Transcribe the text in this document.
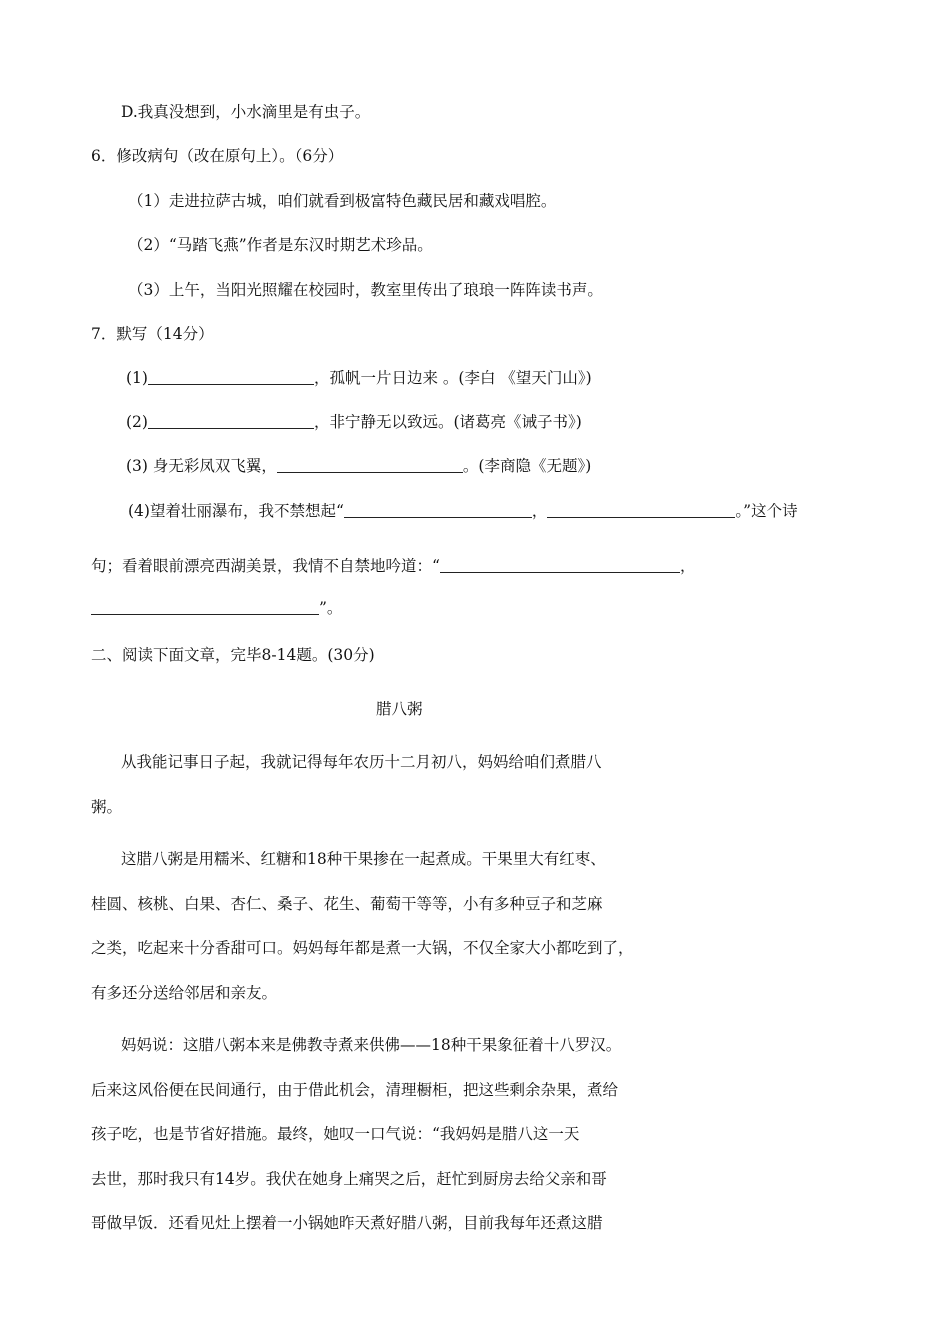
D.我真没想到，小水滴里是有虫子。
6．修改病句（改在原句上）。（6分）
（1）走进拉萨古城，咱们就看到极富特色藏民居和藏戏唱腔。
（2）“马踏飞燕”作者是东汉时期艺术珍品。
（3）上午，当阳光照耀在校园时，教室里传出了琅琅一阵阵读书声。
7．默写（14分）
(1)	，孤帆一片日边来 。(李白 《望天门山》)
(2)	，非宁静无以致远。(诸葛亮《诫子书》)
(3) 身无彩凤双飞翼，	。(李商隐《无题》)
(4)望着壮丽瀑布，我不禁想起“	，	。”这个诗
句；看着眼前漂亮西湖美景，我情不自禁地吟道：“	，
”。
二、阅读下面文章，完毕8-14题。(30分)
腊八粥
从我能记事日子起，我就记得每年农历十二月初八，妈妈给咱们煮腊八
粥。
这腊八粥是用糯米、红糖和18种干果掺在一起煮成。干果里大有红枣、
桂圆、核桃、白果、杏仁、桑子、花生、葡萄干等等，小有多种豆子和芝麻
之类，吃起来十分香甜可口。妈妈每年都是煮一大锅，不仅全家大小都吃到了，
有多还分送给邻居和亲友。
妈妈说：这腊八粥本来是佛教寺煮来供佛——18种干果象征着十八罗汉。
后来这风俗便在民间通行，由于借此机会，清理橱柜，把这些剩余杂果，煮给
孩子吃，也是节省好措施。最终，她叹一口气说：“我妈妈是腊八这一天
去世，那时我只有14岁。我伏在她身上痛哭之后，赶忙到厨房去给父亲和哥
哥做早饭．还看见灶上摆着一小锅她昨天煮好腊八粥，目前我每年还煮这腊
